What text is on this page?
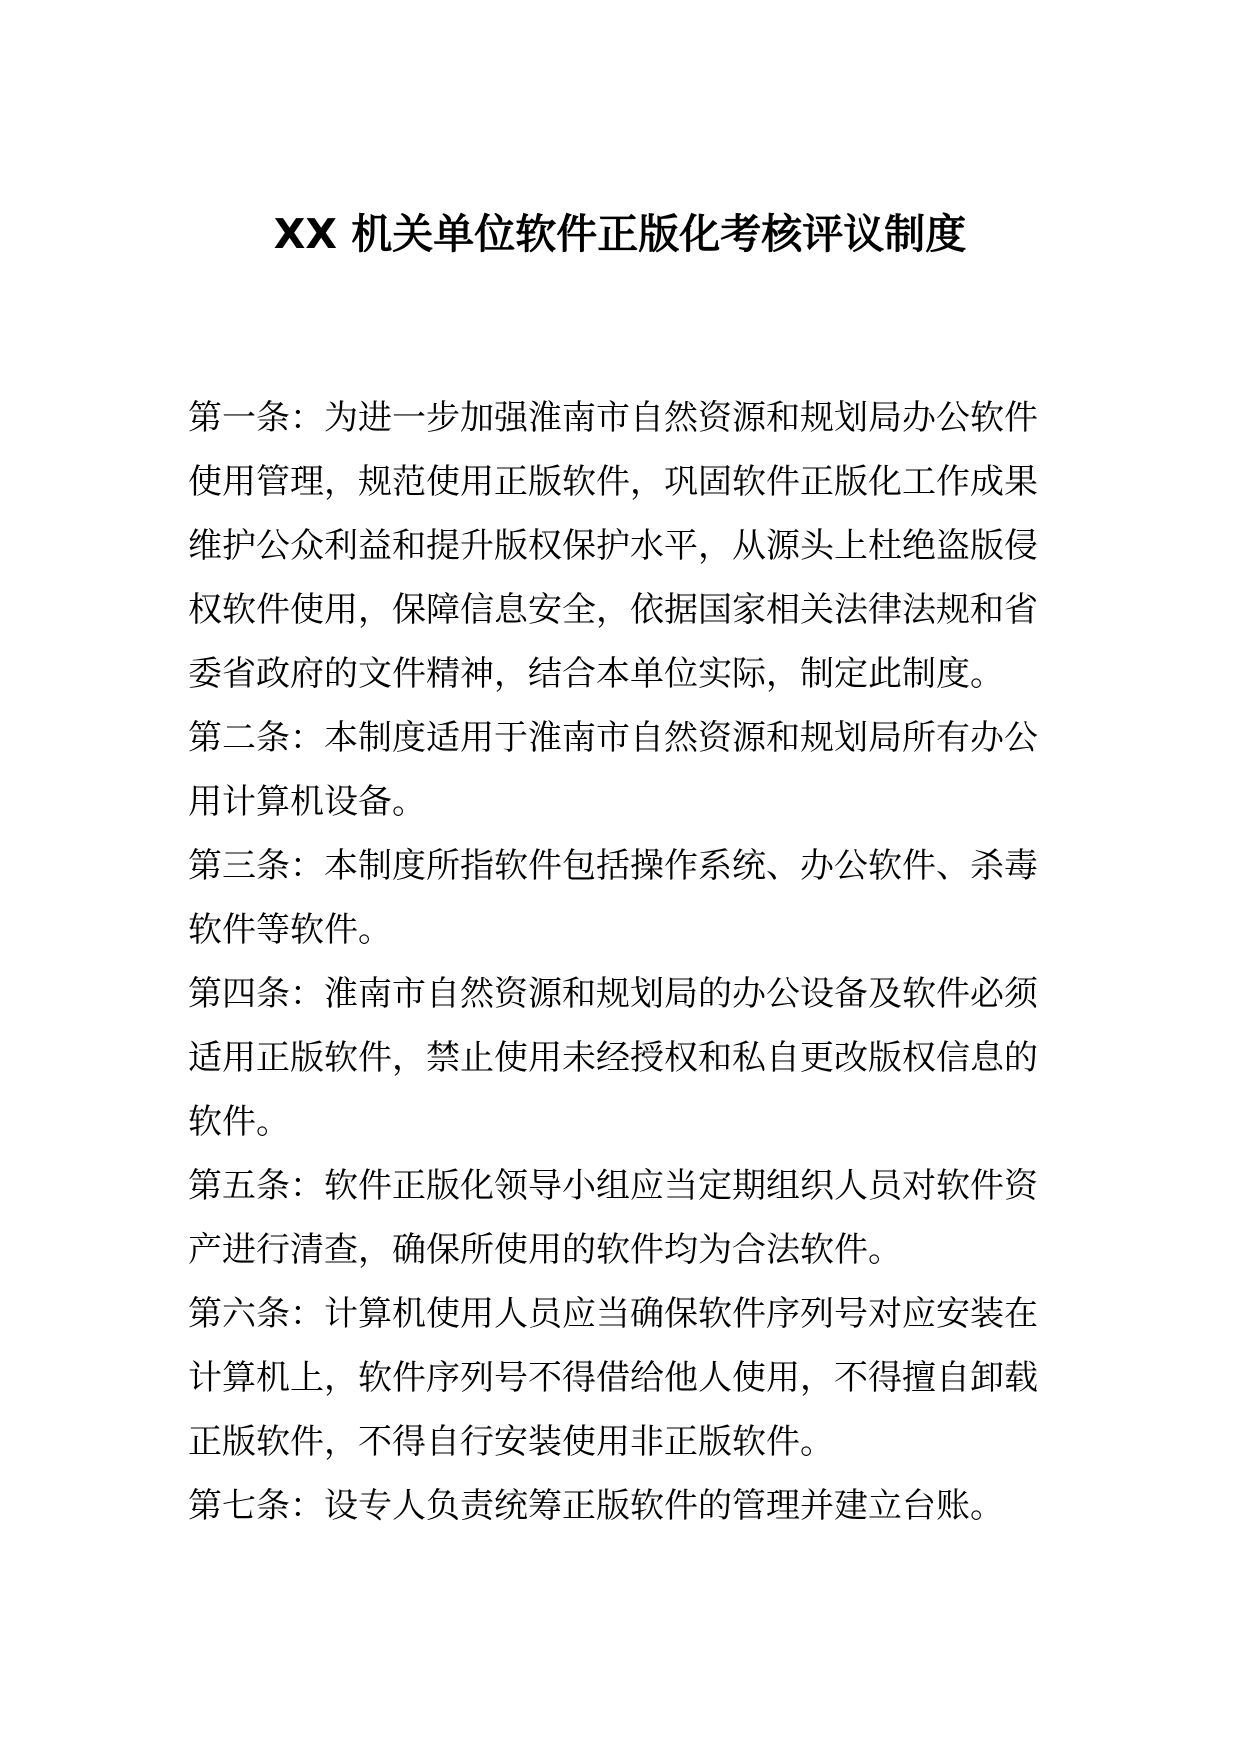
XX 机关单位软件正版化考核评议制度

第一条：为进一步加强淮南市自然资源和规划局办公软件使用管理，规范使用正版软件，巩固软件正版化工作成果维护公众利益和提升版权保护水平，从源头上杜绝盗版侵权软件使用，保障信息安全，依据国家相关法律法规和省委省政府的文件精神，结合本单位实际，制定此制度。

第二条：本制度适用于淮南市自然资源和规划局所有办公用计算机设备。

第三条：本制度所指软件包括操作系统、办公软件、杀毒软件等软件。

第四条：淮南市自然资源和规划局的办公设备及软件必须适用正版软件，禁止使用未经授权和私自更改版权信息的软件。

第五条：软件正版化领导小组应当定期组织人员对软件资产进行清查，确保所使用的软件均为合法软件。

第六条：计算机使用人员应当确保软件序列号对应安装在计算机上，软件序列号不得借给他人使用，不得擅自卸载正版软件，不得自行安装使用非正版软件。

第七条：设专人负责统筹正版软件的管理并建立台账。
